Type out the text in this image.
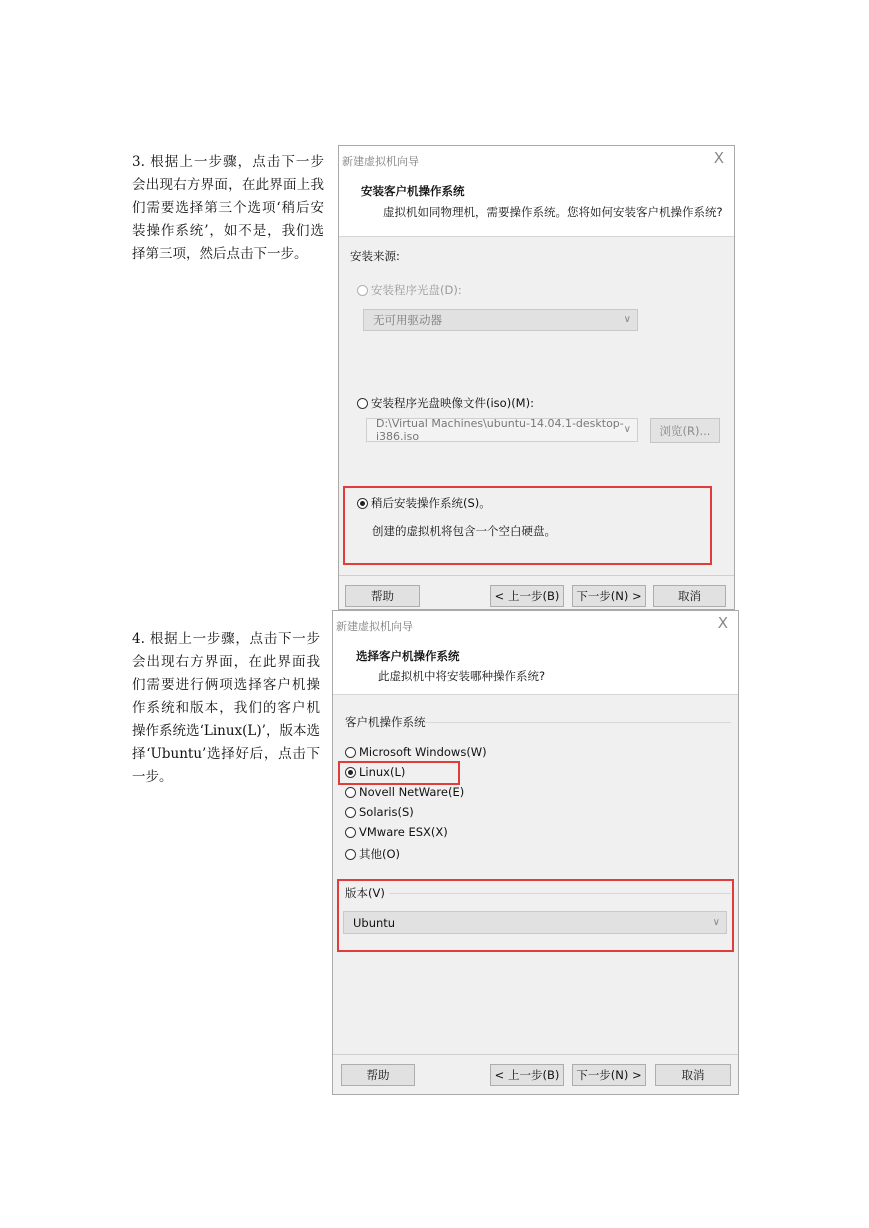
3. 根据上一步骤，点击下一步会出现右方界面，在此界面上我们需要选择第三个选项‘稍后安装操作系统’，如不是，我们选择第三项，然后点击下一步。
新建虚拟机向导	X
安装客户机操作系统
虚拟机如同物理机，需要操作系统。您将如何安装客户机操作系统?
安装来源:
安装程序光盘(D):
无可用驱动器	∨
安装程序光盘映像文件(iso)(M):
D:\Virtual Machines\ubuntu-14.04.1-desktop-i386.iso
∨	浏览(R)...
稍后安装操作系统(S)。
创建的虚拟机将包含一个空白硬盘。
帮助	< 上一步(B)	下一步(N) >	取消
4. 根据上一步骤，点击下一步会出现右方界面，在此界面我们需要进行俩项选择客户机操作系统和版本，我们的客户机操作系统选‘Linux(L)’，版本选择‘Ubuntu’选择好后，点击下一步。
新建虚拟机向导	X
选择客户机操作系统
此虚拟机中将安装哪种操作系统?
客户机操作系统
Microsoft Windows(W)
Linux(L)
Novell NetWare(E)
Solaris(S)
VMware ESX(X)
其他(O)
版本(V)
Ubuntu	∨
帮助	< 上一步(B)	下一步(N) >	取消
